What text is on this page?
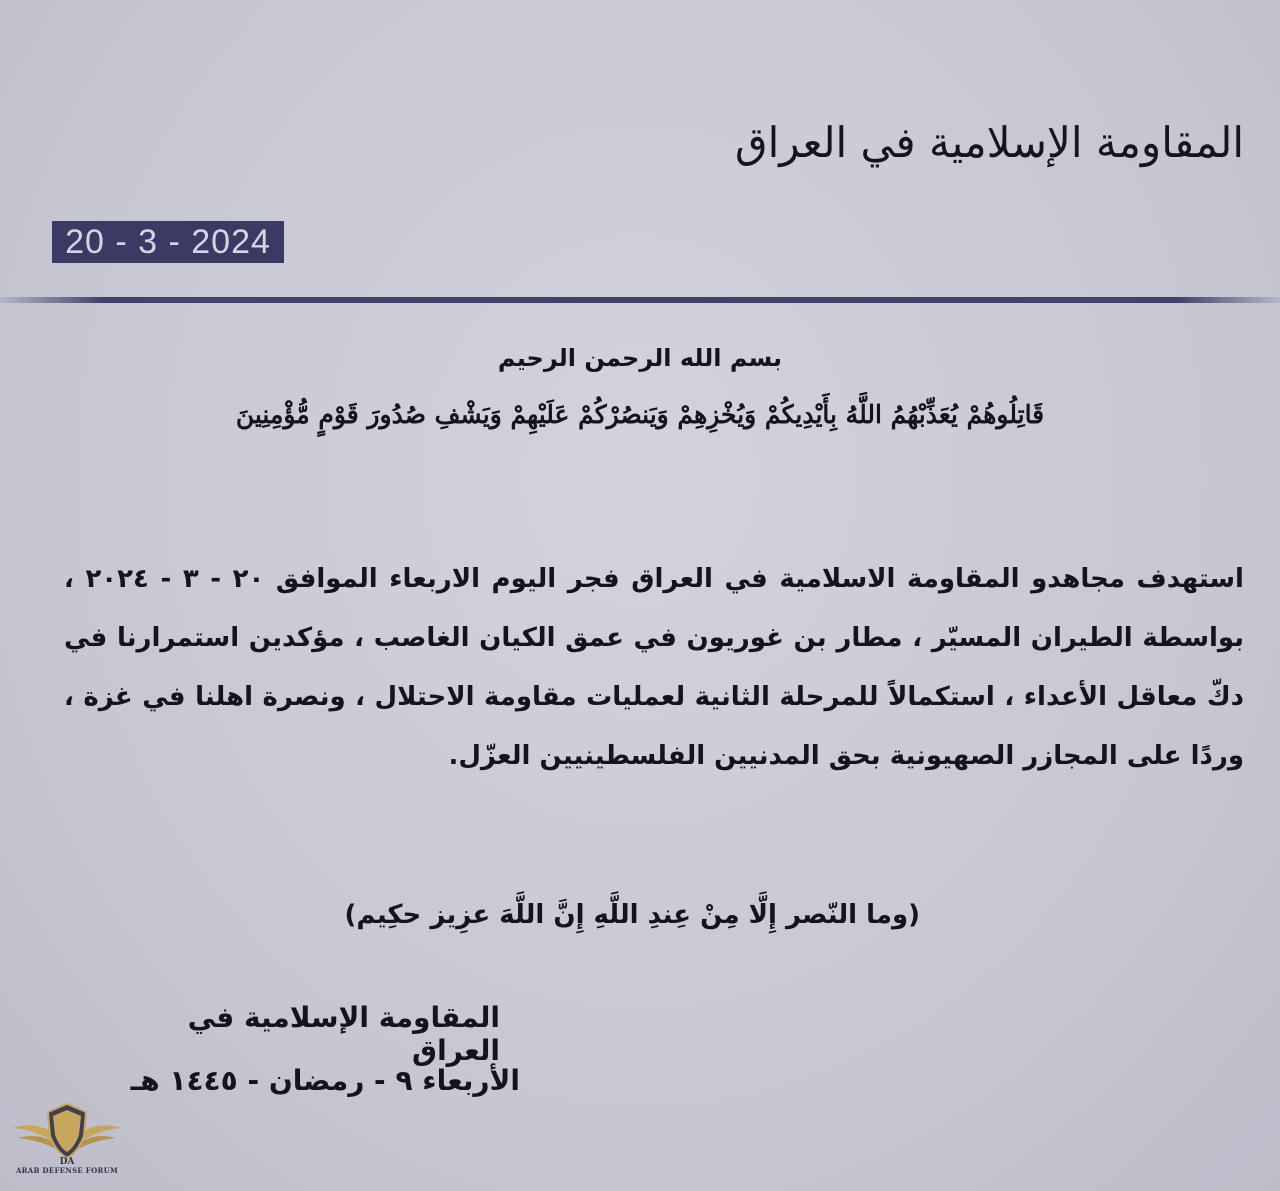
المقاومة الإسلامية في العراق
20 - 3 - 2024
بسم الله الرحمن الرحيم
قَاتِلُوهُمْ يُعَذِّبْهُمُ اللَّهُ بِأَيْدِيكُمْ وَيُخْزِهِمْ وَيَنصُرْكُمْ عَلَيْهِمْ وَيَشْفِ صُدُورَ قَوْمٍ مُّؤْمِنِينَ
استهدف مجاهدو المقاومة الاسلامية في العراق فجر اليوم الاربعاء الموافق ٢٠ - ٣ - ٢٠٢٤ ، بواسطة الطيران المسيّر ، مطار بن غوريون في عمق الكيان الغاصب ، مؤكدين استمرارنا في دكّ معاقل الأعداء ، استكمالاً للمرحلة الثانية لعمليات مقاومة الاحتلال ، ونصرة اهلنا في غزة ، وردًا على المجازر الصهيونية بحق المدنيين الفلسطينيين العزّل.
(وما النّصر إِلَّا مِنْ عِندِ اللَّهِ إِنَّ اللَّهَ عزِيز حكِيم)
المقاومة الإسلامية في العراق
الأربعاء ٩ - رمضان - ١٤٤٥ هـ
DA
ARAB DEFENSE FORUM
